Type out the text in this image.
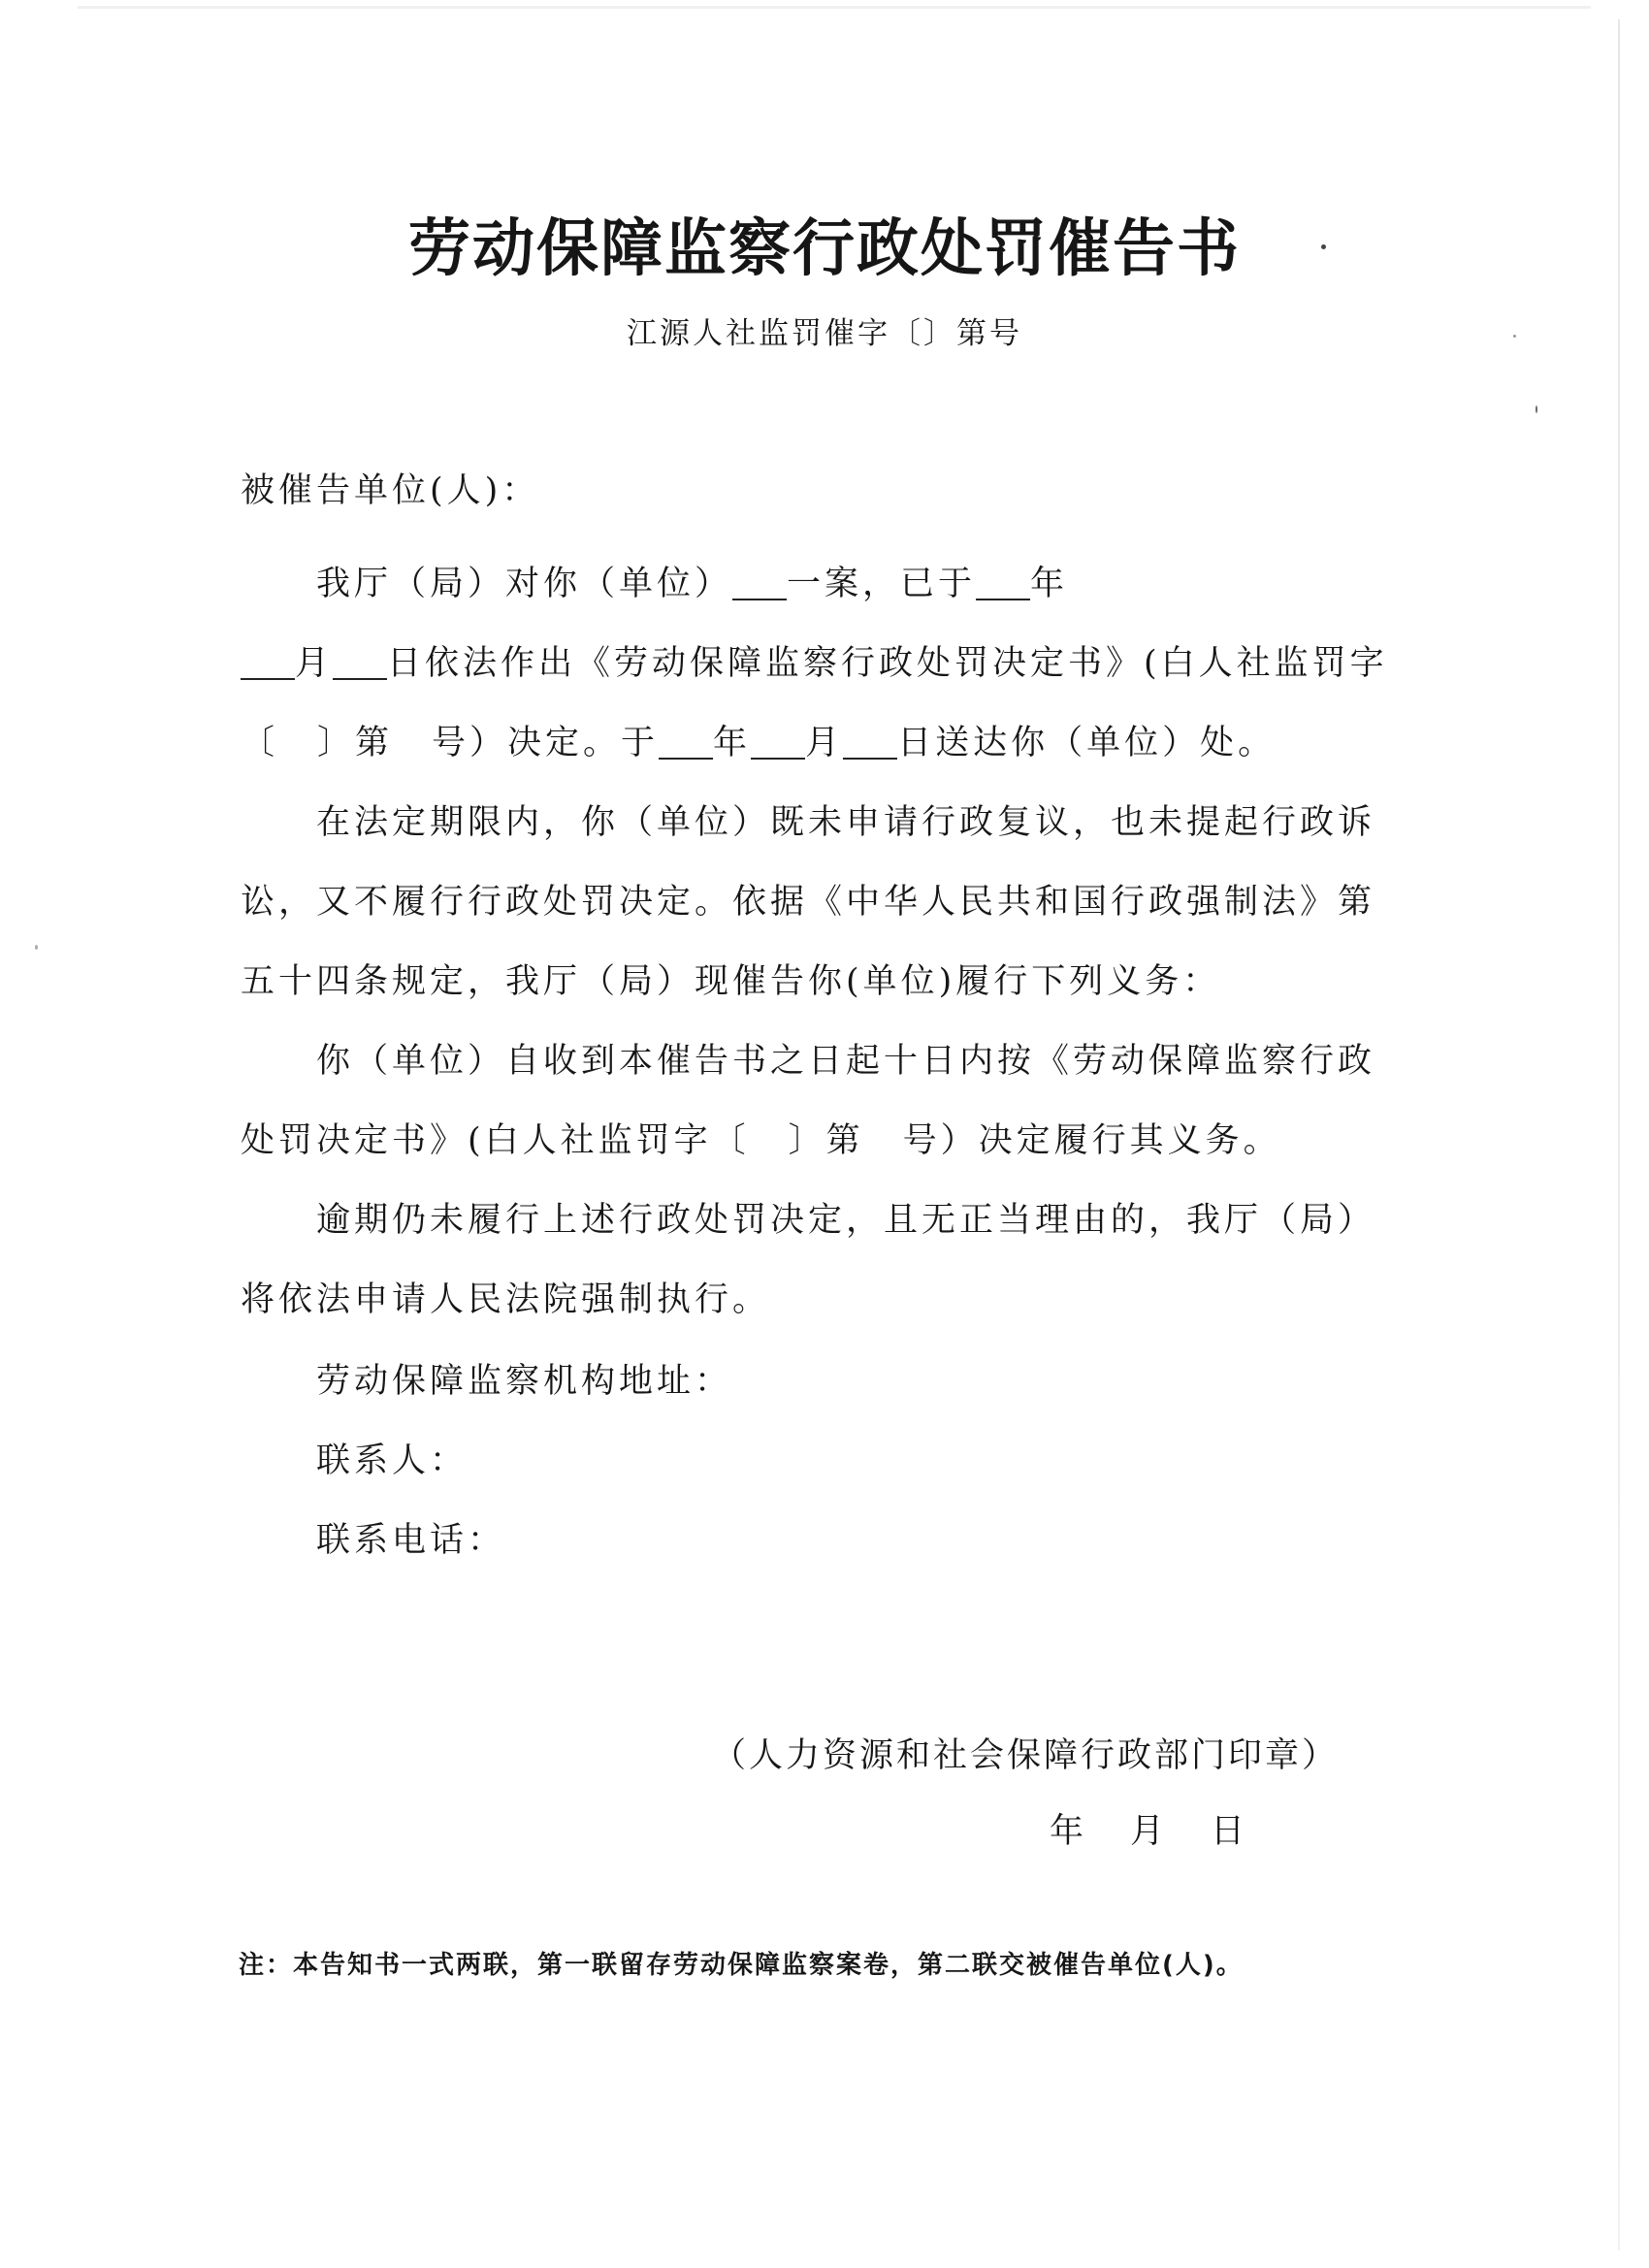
劳动保障监察行政处罚催告书
江源人社监罚催字〔〕第号
被催告单位(人)：
我厅（局）对你（单位） 一案，已于 年
月 日依法作出《劳动保障监察行政处罚决定书》(白人社监罚字
〔 〕第 号）决定。于 年 月 日送达你（单位）处。
在法定期限内，你（单位）既未申请行政复议，也未提起行政诉
讼，又不履行行政处罚决定。依据《中华人民共和国行政强制法》第
五十四条规定，我厅（局）现催告你(单位)履行下列义务：
你（单位）自收到本催告书之日起十日内按《劳动保障监察行政
处罚决定书》(白人社监罚字〔 〕第 号）决定履行其义务。
逾期仍未履行上述行政处罚决定，且无正当理由的，我厅（局）
将依法申请人民法院强制执行。
劳动保障监察机构地址：
联系人：
联系电话：
（人力资源和社会保障行政部门印章）
年 月 日
注：本告知书一式两联，第一联留存劳动保障监察案卷，第二联交被催告单位(人)。
